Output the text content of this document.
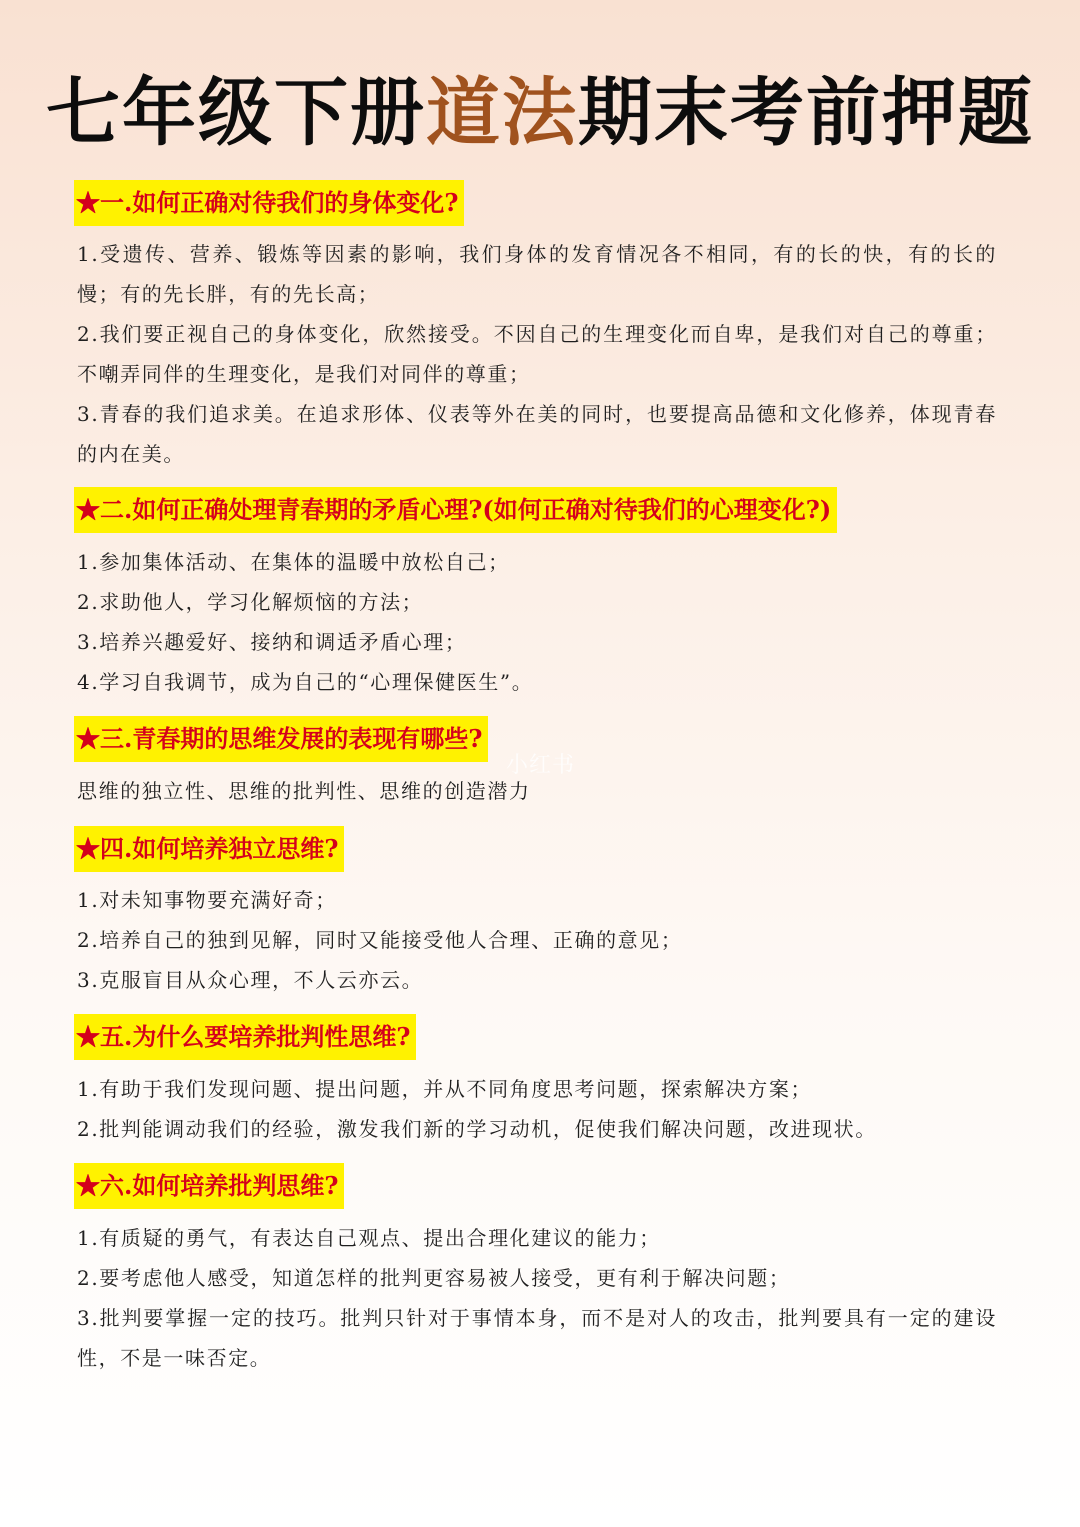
七年级下册道法期末考前押题
★一.如何正确对待我们的身体变化?
1.受遗传、营养、锻炼等因素的影响，我们身体的发育情况各不相同，有的长的快，有的长的慢；有的先长胖，有的先长高；
2.我们要正视自己的身体变化，欣然接受。不因自己的生理变化而自卑，是我们对自己的尊重；不嘲弄同伴的生理变化，是我们对同伴的尊重；
3.青春的我们追求美。在追求形体、仪表等外在美的同时，也要提高品德和文化修养，体现青春的内在美。
★二.如何正确处理青春期的矛盾心理?(如何正确对待我们的心理变化?)
1.参加集体活动、在集体的温暖中放松自己；
2.求助他人，学习化解烦恼的方法；
3.培养兴趣爱好、接纳和调适矛盾心理；
4.学习自我调节，成为自己的“心理保健医生”。
★三.青春期的思维发展的表现有哪些?
小红书
思维的独立性、思维的批判性、思维的创造潜力
★四.如何培养独立思维?
1.对未知事物要充满好奇；
2.培养自己的独到见解，同时又能接受他人合理、正确的意见；
3.克服盲目从众心理，不人云亦云。
★五.为什么要培养批判性思维?
1.有助于我们发现问题、提出问题，并从不同角度思考问题，探索解决方案；
2.批判能调动我们的经验，激发我们新的学习动机，促使我们解决问题，改进现状。
★六.如何培养批判思维?
1.有质疑的勇气，有表达自己观点、提出合理化建议的能力；
2.要考虑他人感受，知道怎样的批判更容易被人接受，更有利于解决问题；
3.批判要掌握一定的技巧。批判只针对于事情本身，而不是对人的攻击，批判要具有一定的建设性，不是一味否定。
